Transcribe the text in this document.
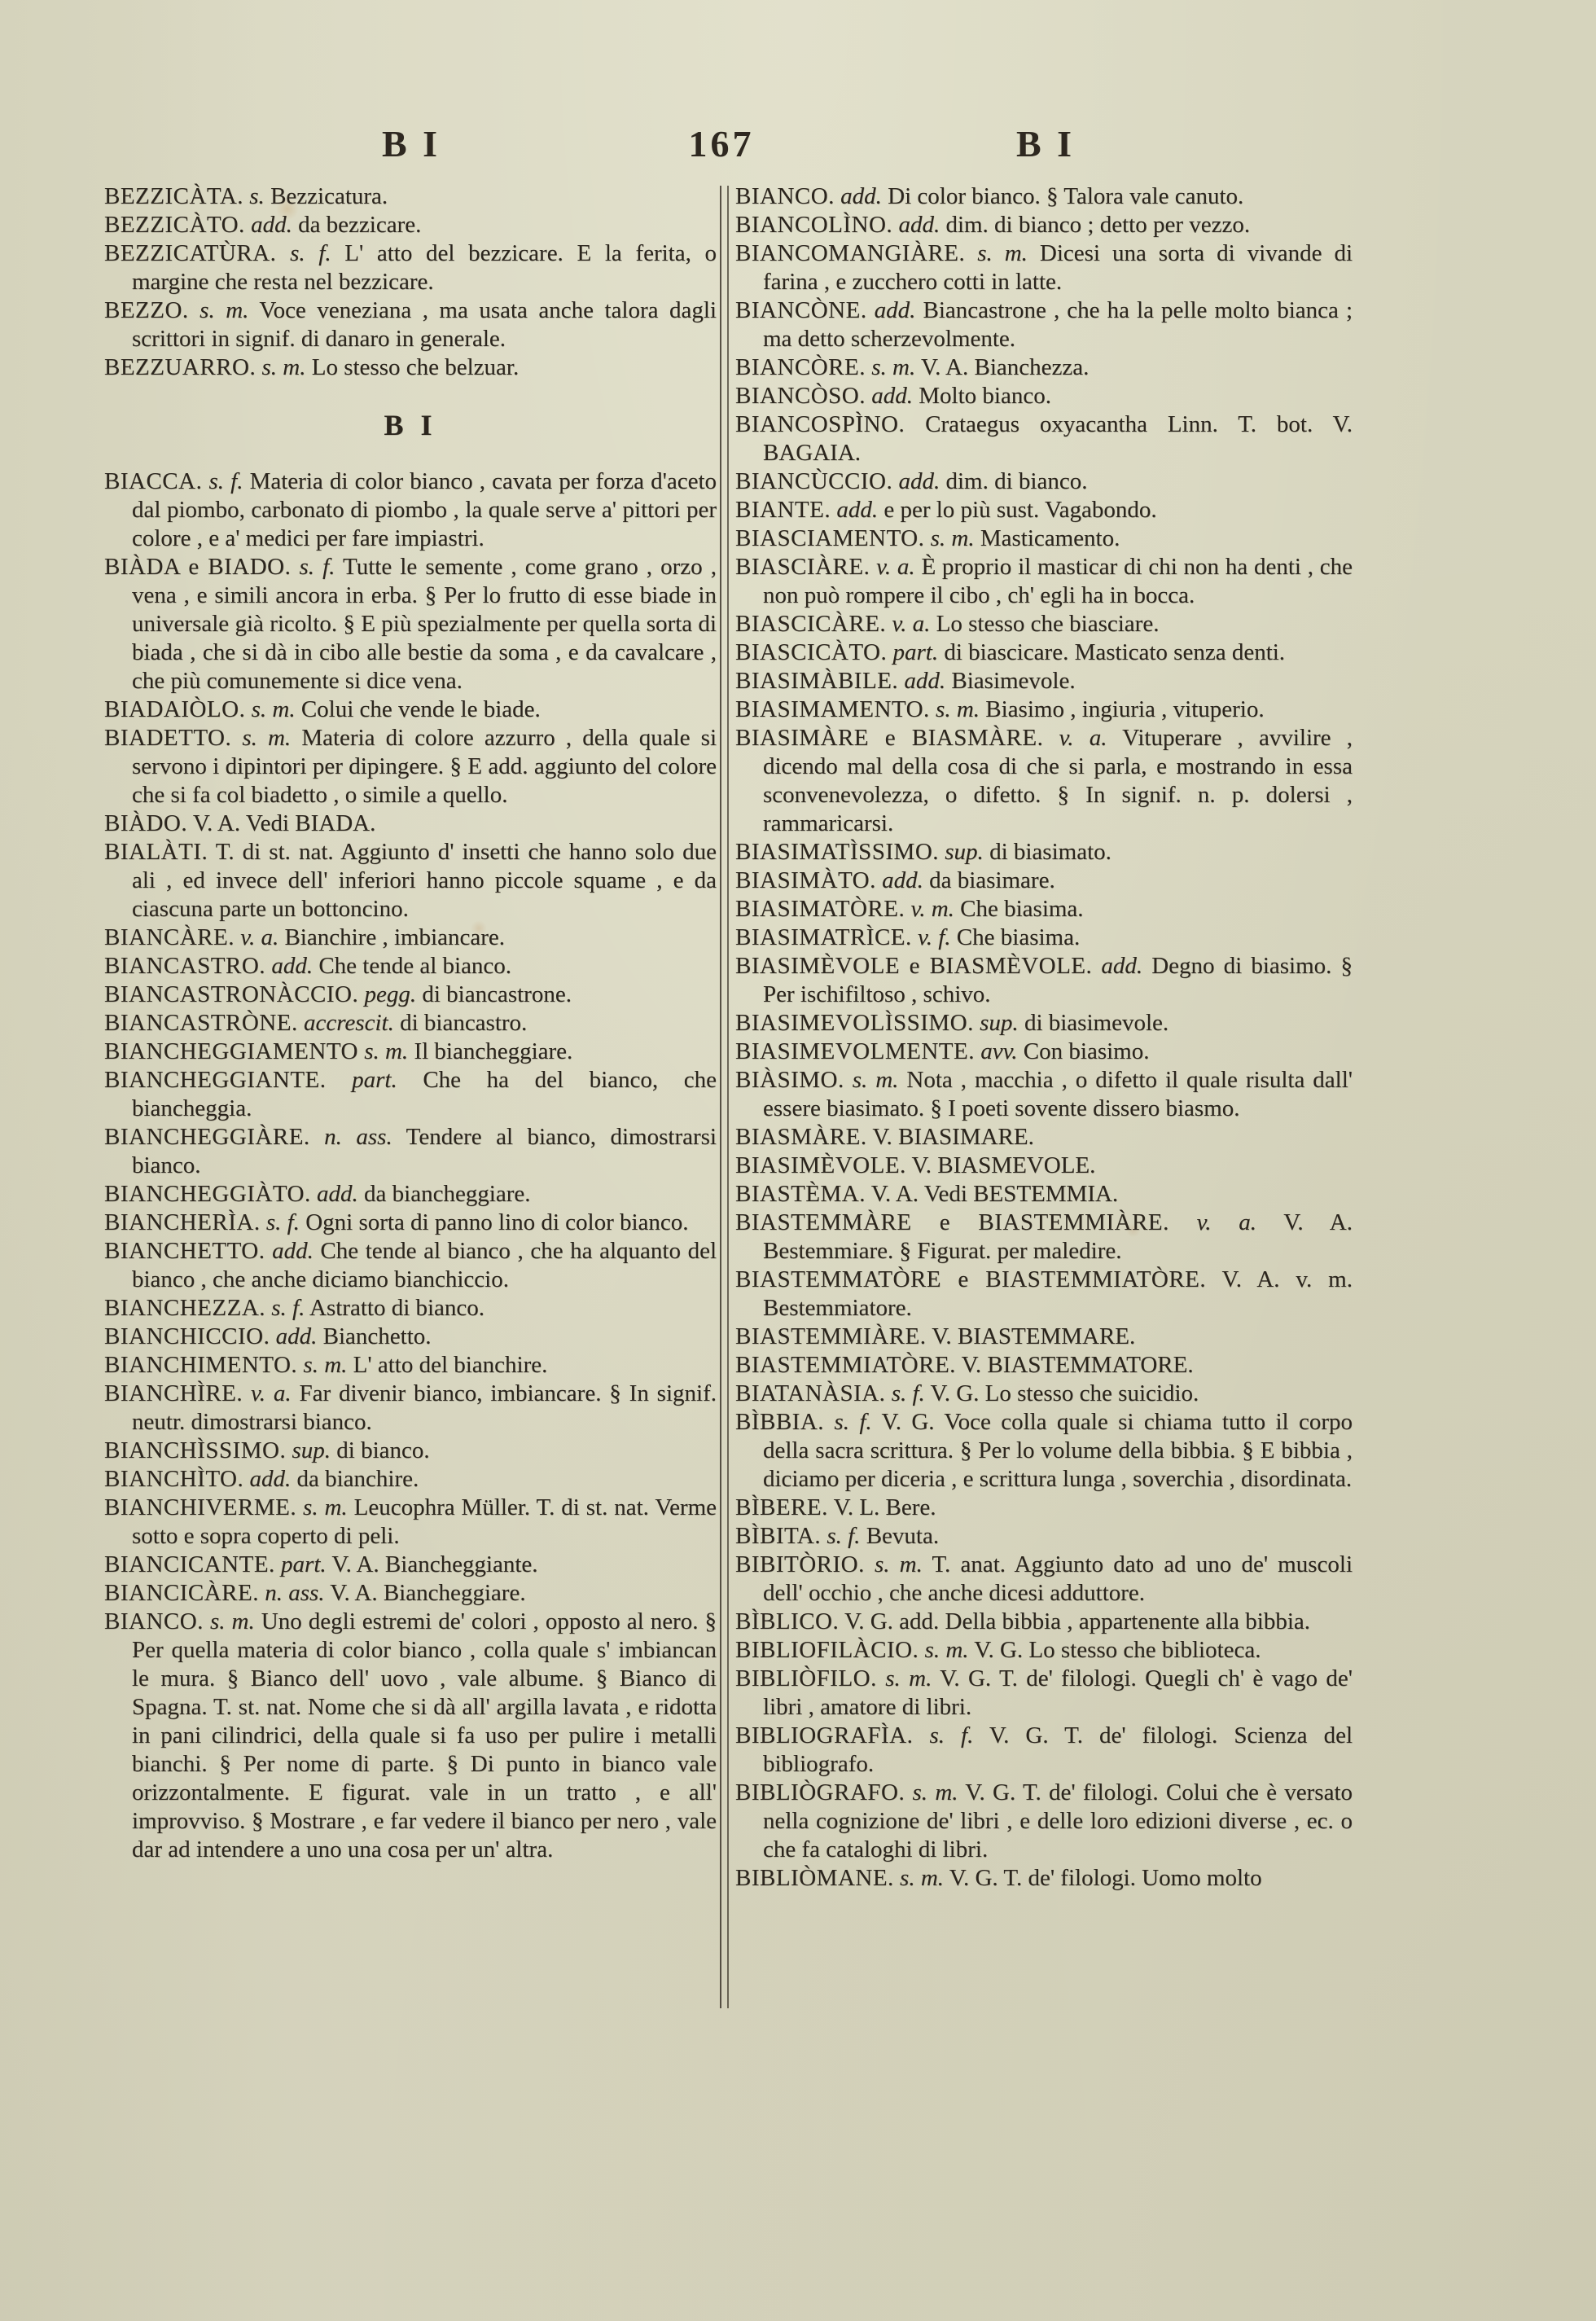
B I	167	B I

BEZZICÀTA. s. Bezzicatura.

BEZZICÀTO. add. da bezzicare.

BEZZICATÙRA. s. f. L' atto del bezzicare. E la ferita, o margine che resta nel bezzicare.

BEZZO. s. m. Voce veneziana , ma usata anche talora dagli scrittori in signif. di danaro in generale.

BEZZUARRO. s. m. Lo stesso che belzuar.

B I

BIACCA. s. f. Materia di color bianco , cavata per forza d'aceto dal piombo, carbonato di piombo , la quale serve a' pittori per colore , e a' medici per fare impiastri.

BIÀDA e BIADO. s. f. Tutte le semente , come grano , orzo , vena , e simili ancora in erba. § Per lo frutto di esse biade in universale già ricolto. § E più spezialmente per quella sorta di biada , che si dà in cibo alle bestie da soma , e da cavalcare , che più comunemente si dice vena.

BIADAIÒLO. s. m. Colui che vende le biade.

BIADETTO. s. m. Materia di colore azzurro , della quale si servono i dipintori per dipingere. § E add. aggiunto del colore che si fa col biadetto , o simile a quello.

BIÀDO. V. A. Vedi BIADA.

BIALÀTI. T. di st. nat. Aggiunto d' insetti che hanno solo due ali , ed invece dell' inferiori hanno piccole squame , e da ciascuna parte un bottoncino.

BIANCÀRE. v. a. Bianchire , imbiancare.

BIANCASTRO. add. Che tende al bianco.

BIANCASTRONÀCCIO. pegg. di biancastrone.

BIANCASTRÒNE. accrescit. di biancastro.

BIANCHEGGIAMENTO s. m. Il biancheggiare.

BIANCHEGGIANTE. part. Che ha del bianco, che biancheggia.

BIANCHEGGIÀRE. n. ass. Tendere al bianco, dimostrarsi bianco.

BIANCHEGGIÀTO. add. da biancheggiare.

BIANCHERÌA. s. f. Ogni sorta di panno lino di color bianco.

BIANCHETTO. add. Che tende al bianco , che ha alquanto del bianco , che anche diciamo bianchiccio.

BIANCHEZZA. s. f. Astratto di bianco.

BIANCHICCIO. add. Bianchetto.

BIANCHIMENTO. s. m. L' atto del bianchire.

BIANCHÌRE. v. a. Far divenir bianco, imbiancare. § In signif. neutr. dimostrarsi bianco.

BIANCHÌSSIMO. sup. di bianco.

BIANCHÌTO. add. da bianchire.

BIANCHIVERME. s. m. Leucophra Müller. T. di st. nat. Verme sotto e sopra coperto di peli.

BIANCICANTE. part. V. A. Biancheggiante.

BIANCICÀRE. n. ass. V. A. Biancheggiare.

BIANCO. s. m. Uno degli estremi de' colori , opposto al nero. § Per quella materia di color bianco , colla quale s' imbiancan le mura. § Bianco dell' uovo , vale albume. § Bianco di Spagna. T. st. nat. Nome che si dà all' argilla lavata , e ridotta in pani cilindrici, della quale si fa uso per pulire i metalli bianchi. § Per nome di parte. § Di punto in bianco vale orizzontalmente. E figurat. vale in un tratto , e all' improvviso. § Mostrare , e far vedere il bianco per nero , vale dar ad intendere a uno una cosa per un' altra.

BIANCO. add. Di color bianco. § Talora vale canuto.

BIANCOLÌNO. add. dim. di bianco ; detto per vezzo.

BIANCOMANGIÀRE. s. m. Dicesi una sorta di vivande di farina , e zucchero cotti in latte.

BIANCÒNE. add. Biancastrone , che ha la pelle molto bianca ; ma detto scherzevolmente.

BIANCÒRE. s. m. V. A. Bianchezza.

BIANCÒSO. add. Molto bianco.

BIANCOSPÌNO. Crataegus oxyacantha Linn. T. bot. V. BAGAIA.

BIANCÙCCIO. add. dim. di bianco.

BIANTE. add. e per lo più sust. Vagabondo.

BIASCIAMENTO. s. m. Masticamento.

BIASCIÀRE. v. a. È proprio il masticar di chi non ha denti , che non può rompere il cibo , ch' egli ha in bocca.

BIASCICÀRE. v. a. Lo stesso che biasciare.

BIASCICÀTO. part. di biascicare. Masticato senza denti.

BIASIMÀBILE. add. Biasimevole.

BIASIMAMENTO. s. m. Biasimo , ingiuria , vituperio.

BIASIMÀRE e BIASMÀRE. v. a. Vituperare , avvilire , dicendo mal della cosa di che si parla, e mostrando in essa sconvenevolezza, o difetto. § In signif. n. p. dolersi , rammaricarsi.

BIASIMATÌSSIMO. sup. di biasimato.

BIASIMÀTO. add. da biasimare.

BIASIMATÒRE. v. m. Che biasima.

BIASIMATRÌCE. v. f. Che biasima.

BIASIMÈVOLE e BIASMÈVOLE. add. Degno di biasimo. § Per ischifiltoso , schivo.

BIASIMEVOLÌSSIMO. sup. di biasimevole.

BIASIMEVOLMENTE. avv. Con biasimo.

BIÀSIMO. s. m. Nota , macchia , o difetto il quale risulta dall' essere biasimato. § I poeti sovente dissero biasmo.

BIASMÀRE. V. BIASIMARE.

BIASIMÈVOLE. V. BIASMEVOLE.

BIASTÈMA. V. A. Vedi BESTEMMIA.

BIASTEMMÀRE e BIASTEMMIÀRE. v. a. V. A. Bestemmiare. § Figurat. per maledire.

BIASTEMMATÒRE e BIASTEMMIATÒRE. V. A. v. m. Bestemmiatore.

BIASTEMMIÀRE. V. BIASTEMMARE.

BIASTEMMIATÒRE. V. BIASTEMMATORE.

BIATANÀSIA. s. f. V. G. Lo stesso che suicidio.

BÌBBIA. s. f. V. G. Voce colla quale si chiama tutto il corpo della sacra scrittura. § Per lo volume della bibbia. § E bibbia , diciamo per diceria , e scrittura lunga , soverchia , disordinata.

BÌBERE. V. L. Bere.

BÌBITA. s. f. Bevuta.

BIBITÒRIO. s. m. T. anat. Aggiunto dato ad uno de' muscoli dell' occhio , che anche dicesi adduttore.

BÌBLICO. V. G. add. Della bibbia , appartenente alla bibbia.

BIBLIOFILÀCIO. s. m. V. G. Lo stesso che biblioteca.

BIBLIÒFILO. s. m. V. G. T. de' filologi. Quegli ch' è vago de' libri , amatore di libri.

BIBLIOGRAFÌA. s. f. V. G. T. de' filologi. Scienza del bibliografo.

BIBLIÒGRAFO. s. m. V. G. T. de' filologi. Colui che è versato nella cognizione de' libri , e delle loro edizioni diverse , ec. o che fa cataloghi di libri.

BIBLIÒMANE. s. m. V. G. T. de' filologi. Uomo molto
